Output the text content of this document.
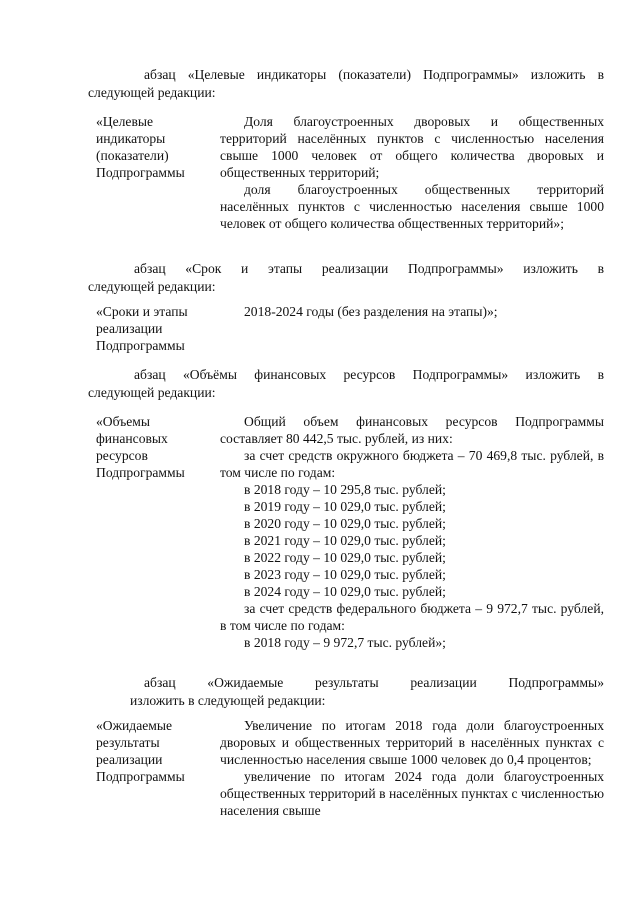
абзац «Целевые индикаторы (показатели) Подпрограммы» изложить в
следующей редакции:
«Целевые
индикаторы
(показатели)
Подпрограммы

Доля благоустроенных дворовых и общественных территорий населённых пунктов с численностью населения свыше 1000 человек от общего количества дворовых и общественных территорий;

доля благоустроенных общественных территорий населённых пунктов с численностью населения свыше 1000 человек от общего количества общественных территорий»;

абзац «Срок и этапы реализации Подпрограммы» изложить в
следующей редакции:
«Сроки и этапы
реализации
Подпрограммы

2018-2024 годы (без разделения на этапы)»;

абзац «Объёмы финансовых ресурсов Подпрограммы» изложить в
следующей редакции:
«Объемы
финансовых
ресурсов
Подпрограммы

Общий объем финансовых ресурсов Подпрограммы составляет 80 442,5 тыс. рублей, из них:

за счет средств окружного бюджета – 70 469,8 тыс. рублей, в том числе по годам:

в 2018 году – 10 295,8 тыс. рублей;

в 2019 году – 10 029,0 тыс. рублей;

в 2020 году – 10 029,0 тыс. рублей;

в 2021 году – 10 029,0 тыс. рублей;

в 2022 году – 10 029,0 тыс. рублей;

в 2023 году – 10 029,0 тыс. рублей;

в 2024 году – 10 029,0 тыс. рублей;

за счет средств федерального бюджета – 9 972,7 тыс. рублей, в том числе по годам:

в 2018 году – 9 972,7 тыс. рублей»;

абзац «Ожидаемые результаты реализации Подпрограммы»
изложить в следующей редакции:
«Ожидаемые
результаты
реализации
Подпрограммы

Увеличение по итогам 2018 года доли благоустроенных дворовых и общественных территорий в населённых пунктах с численностью населения свыше 1000 человек до 0,4 процентов;

увеличение по итогам 2024 года доли благоустроенных общественных территорий в населённых пунктах с численностью населения свыше
